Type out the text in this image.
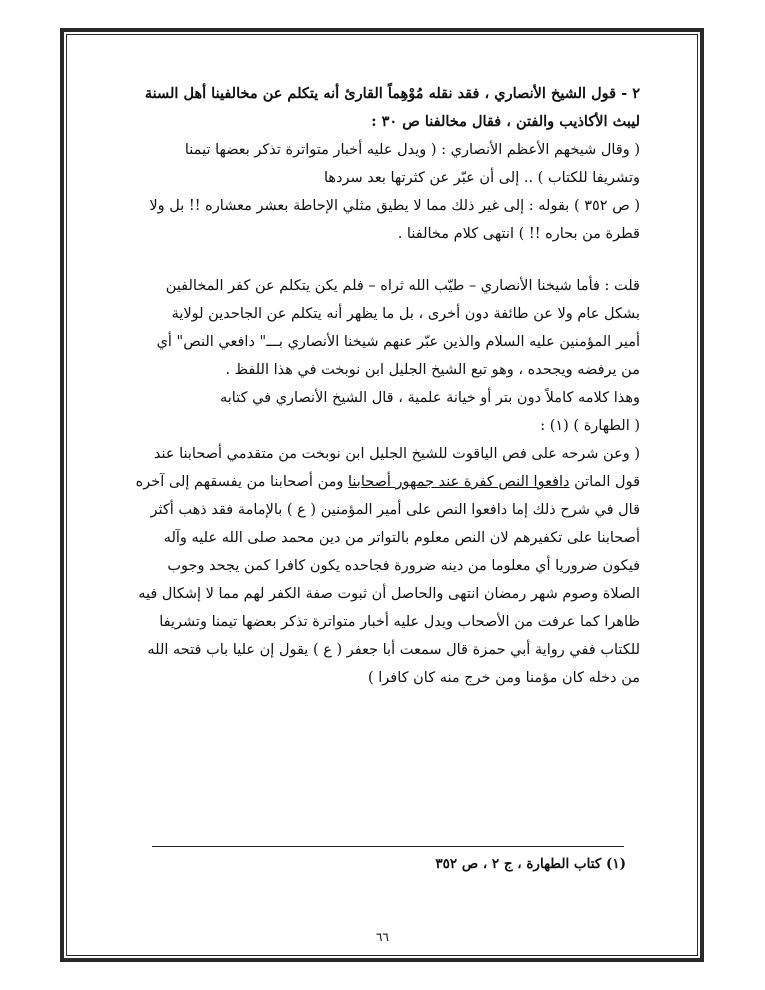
٢ - قول الشيخ الأنصاري ، فقد نقله مُوْهِماً القارئ أنه يتكلم عن مخالفينا أهل السنة
ليبث الأكاذيب والفتن ، فقال مخالفنا ص ٣٠ :
( وقال شيخهم الأعظم الأنصاري : ( ويدل عليه أخبار متواترة تذكر بعضها تيمنا
وتشريفا للكتاب ) .. إلى أن عبّر عن كثرتها بعد سردها
( ص ٣٥٢ ) بقوله : إلى غير ذلك مما لا يطيق مثلي الإحاطة بعشر معشاره !! بل ولا
قطرة من بحاره !! ) انتهى كلام مخالفنا .
قلت : فأما شيخنا الأنصاري – طيّب الله ثراه – فلم يكن يتكلم عن كفر المخالفين
بشكل عام ولا عن طائفة دون أخرى ، بل ما يظهر أنه يتكلم عن الجاحدين لولاية
أمير المؤمنين عليه السلام والذين عبّر عنهم شيخنا الأنصاري بـــ" دافعي النص" أي
من يرفضه ويجحده ، وهو تبع الشيخ الجليل ابن نوبخت في هذا اللفظ .
وهذا كلامه كاملاً دون بتر أو خيانة علمية ، قال الشيخ الأنصاري في كتابه
( الطهارة ) (١) :
( وعن شرحه على فص الياقوت للشيخ الجليل ابن نوبخت من متقدمي أصحابنا عند
قول الماتن دافعوا النص كفرة عند جمهور أصحابنا ومن أصحابنا من يفسقهم إلى آخره
قال في شرح ذلك إما دافعوا النص على أمير المؤمنين ( ع ) بالإمامة فقد ذهب أكثر
أصحابنا على تكفيرهم لان النص معلوم بالتواتر من دين محمد صلى الله عليه وآله
فيكون ضروريا أي معلوما من دينه ضرورة فجاحده يكون كافرا كمن يجحد وجوب
الصلاة وصوم شهر رمضان انتهى والحاصل أن ثبوت صفة الكفر لهم مما لا إشكال فيه
ظاهرا كما عرفت من الأصحاب ويدل عليه أخبار متواترة تذكر بعضها تيمنا وتشريفا
للكتاب ففي رواية أبي حمزة قال سمعت أبا جعفر ( ع ) يقول إن عليا باب فتحه الله
من دخله كان مؤمنا ومن خرج منه كان كافرا )
(١) كتاب الطهارة ، ج ٢ ، ص ٣٥٢
٦٦
